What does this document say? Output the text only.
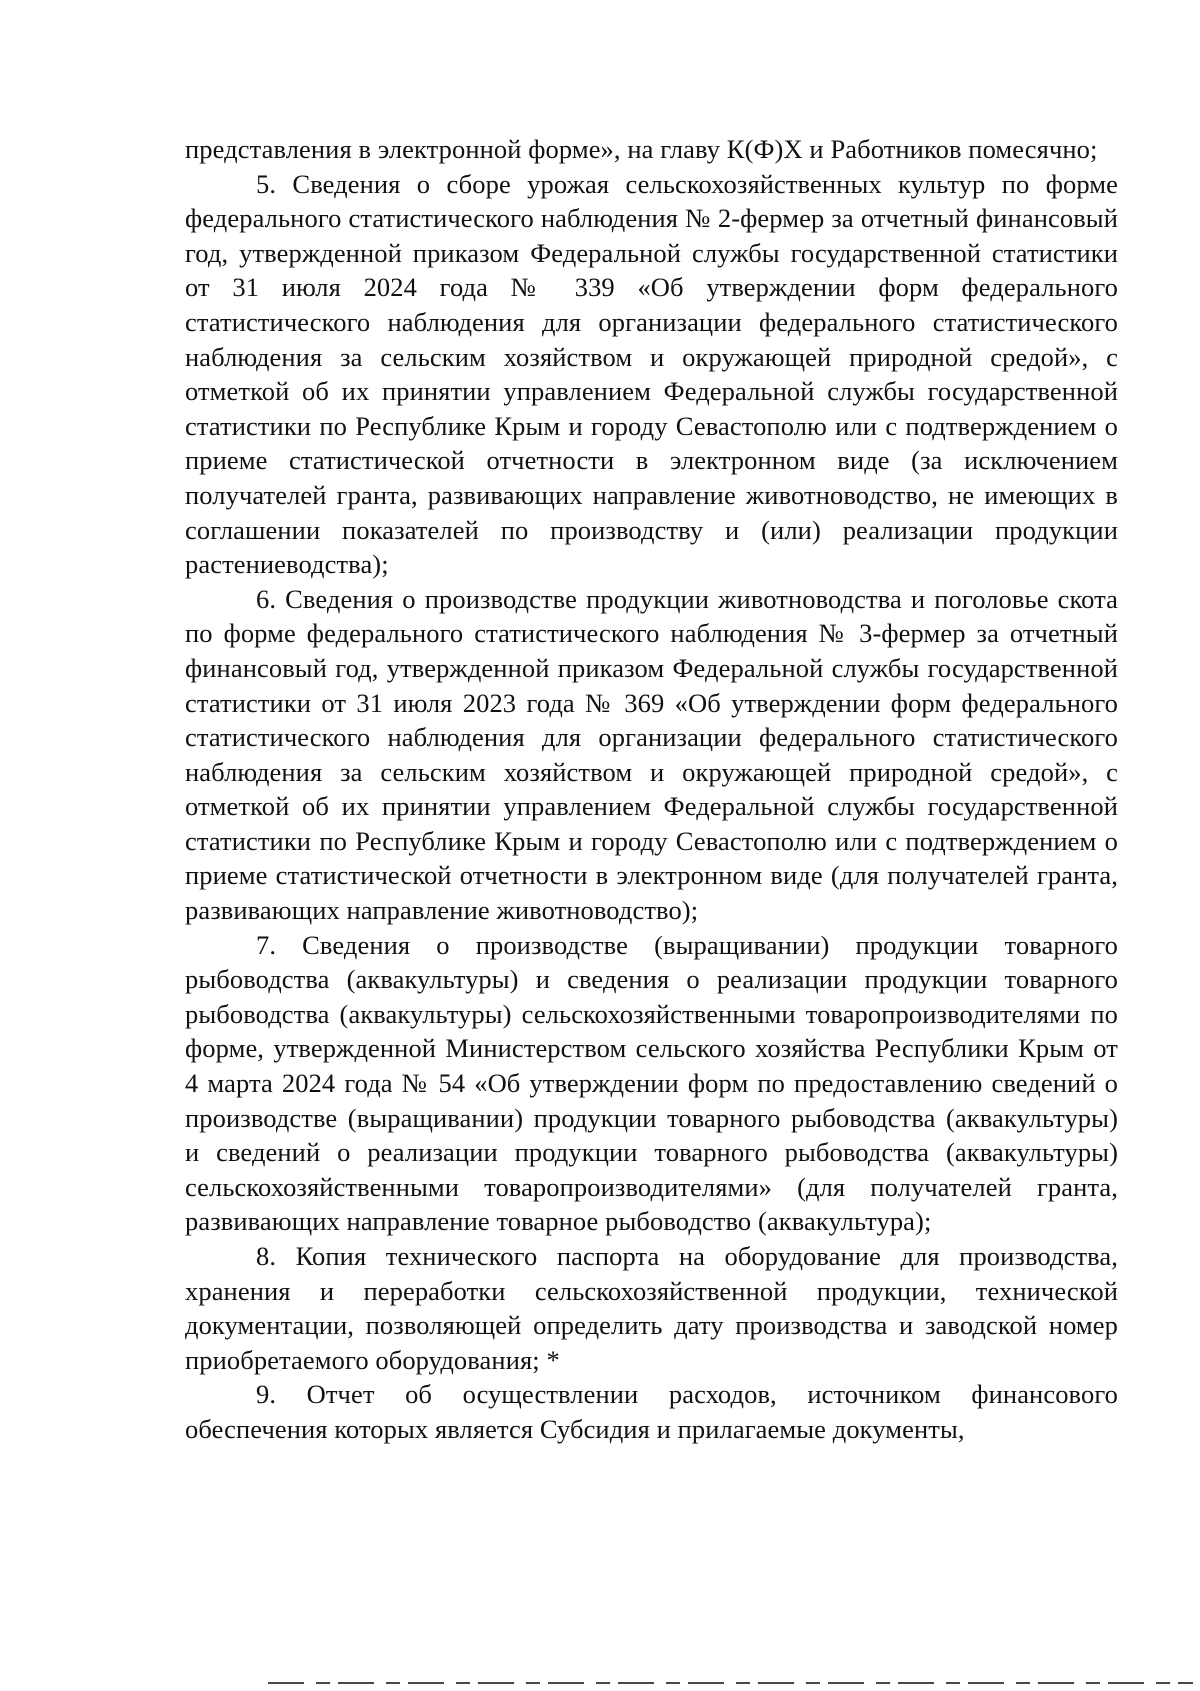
представления в электронной форме», на главу К(Ф)Х и Работников помесячно;

5. Сведения о сборе урожая сельскохозяйственных культур по форме федерального статистического наблюдения № 2-фермер за отчетный финансовый год, утвержденной приказом Федеральной службы государственной статистики от 31 июля 2024 года № 339 «Об утверждении форм федерального статистического наблюдения для организации федерального статистического наблюдения за сельским хозяйством и окружающей природной средой», с отметкой об их принятии управлением Федеральной службы государственной статистики по Республике Крым и городу Севастополю или с подтверждением о приеме статистической отчетности в электронном виде (за исключением получателей гранта, развивающих направление животноводство, не имеющих в соглашении показателей по производству и (или) реализации продукции растениеводства);

6. Сведения о производстве продукции животноводства и поголовье скота по форме федерального статистического наблюдения № 3-фермер за отчетный финансовый год, утвержденной приказом Федеральной службы государственной статистики от 31 июля 2023 года № 369 «Об утверждении форм федерального статистического наблюдения для организации федерального статистического наблюдения за сельским хозяйством и окружающей природной средой», с отметкой об их принятии управлением Федеральной службы государственной статистики по Республике Крым и городу Севастополю или с подтверждением о приеме статистической отчетности в электронном виде (для получателей гранта, развивающих направление животноводство);

7. Сведения о производстве (выращивании) продукции товарного рыбоводства (аквакультуры) и сведения о реализации продукции товарного рыбоводства (аквакультуры) сельскохозяйственными товаропроизводителями по форме, утвержденной Министерством сельского хозяйства Республики Крым от 4 марта 2024 года № 54 «Об утверждении форм по предоставлению сведений о производстве (выращивании) продукции товарного рыбоводства (аквакультуры) и сведений о реализации продукции товарного рыбоводства (аквакультуры) сельскохозяйственными товаропроизводителями» (для получателей гранта, развивающих направление товарное рыбоводство (аквакультура);

8. Копия технического паспорта на оборудование для производства, хранения и переработки сельскохозяйственной продукции, технической документации, позволяющей определить дату производства и заводской номер приобретаемого оборудования; *

9. Отчет об осуществлении расходов, источником финансового обеспечения которых является Субсидия и прилагаемые документы,
